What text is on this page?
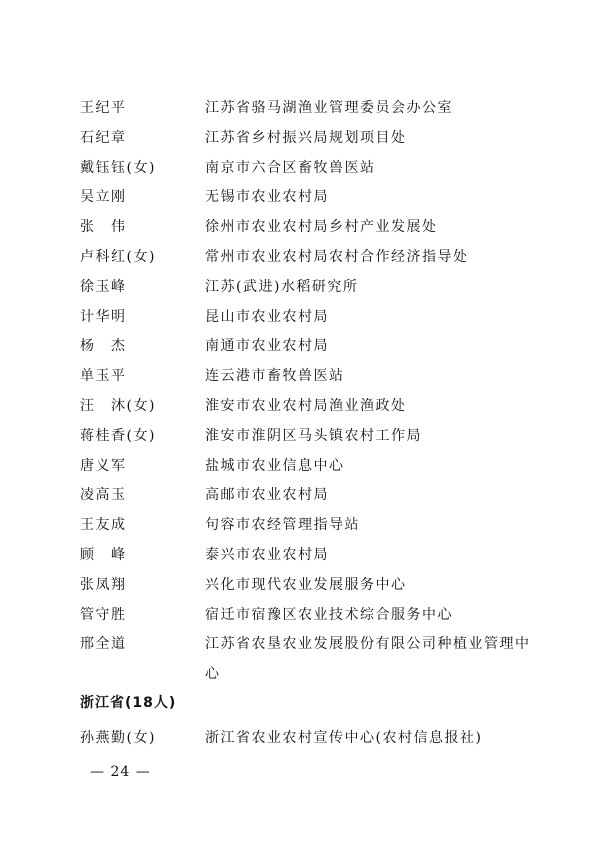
王纪平	江苏省骆马湖渔业管理委员会办公室
石纪章	江苏省乡村振兴局规划项目处
戴钰钰(女)	南京市六合区畜牧兽医站
吴立刚	无锡市农业农村局
张　伟	徐州市农业农村局乡村产业发展处
卢科红(女)	常州市农业农村局农村合作经济指导处
徐玉峰	江苏(武进)水稻研究所
计华明	昆山市农业农村局
杨　杰	南通市农业农村局
单玉平	连云港市畜牧兽医站
汪　沐(女)	淮安市农业农村局渔业渔政处
蒋桂香(女)	淮安市淮阴区马头镇农村工作局
唐义军	盐城市农业信息中心
凌高玉	高邮市农业农村局
王友成	句容市农经管理指导站
顾　峰	泰兴市农业农村局
张凤翔	兴化市现代农业发展服务中心
管守胜	宿迁市宿豫区农业技术综合服务中心
邢全道	江苏省农垦农业发展股份有限公司种植业管理中心
浙江省(18人)
孙燕勤(女)	浙江省农业农村宣传中心(农村信息报社)
— 24 —
